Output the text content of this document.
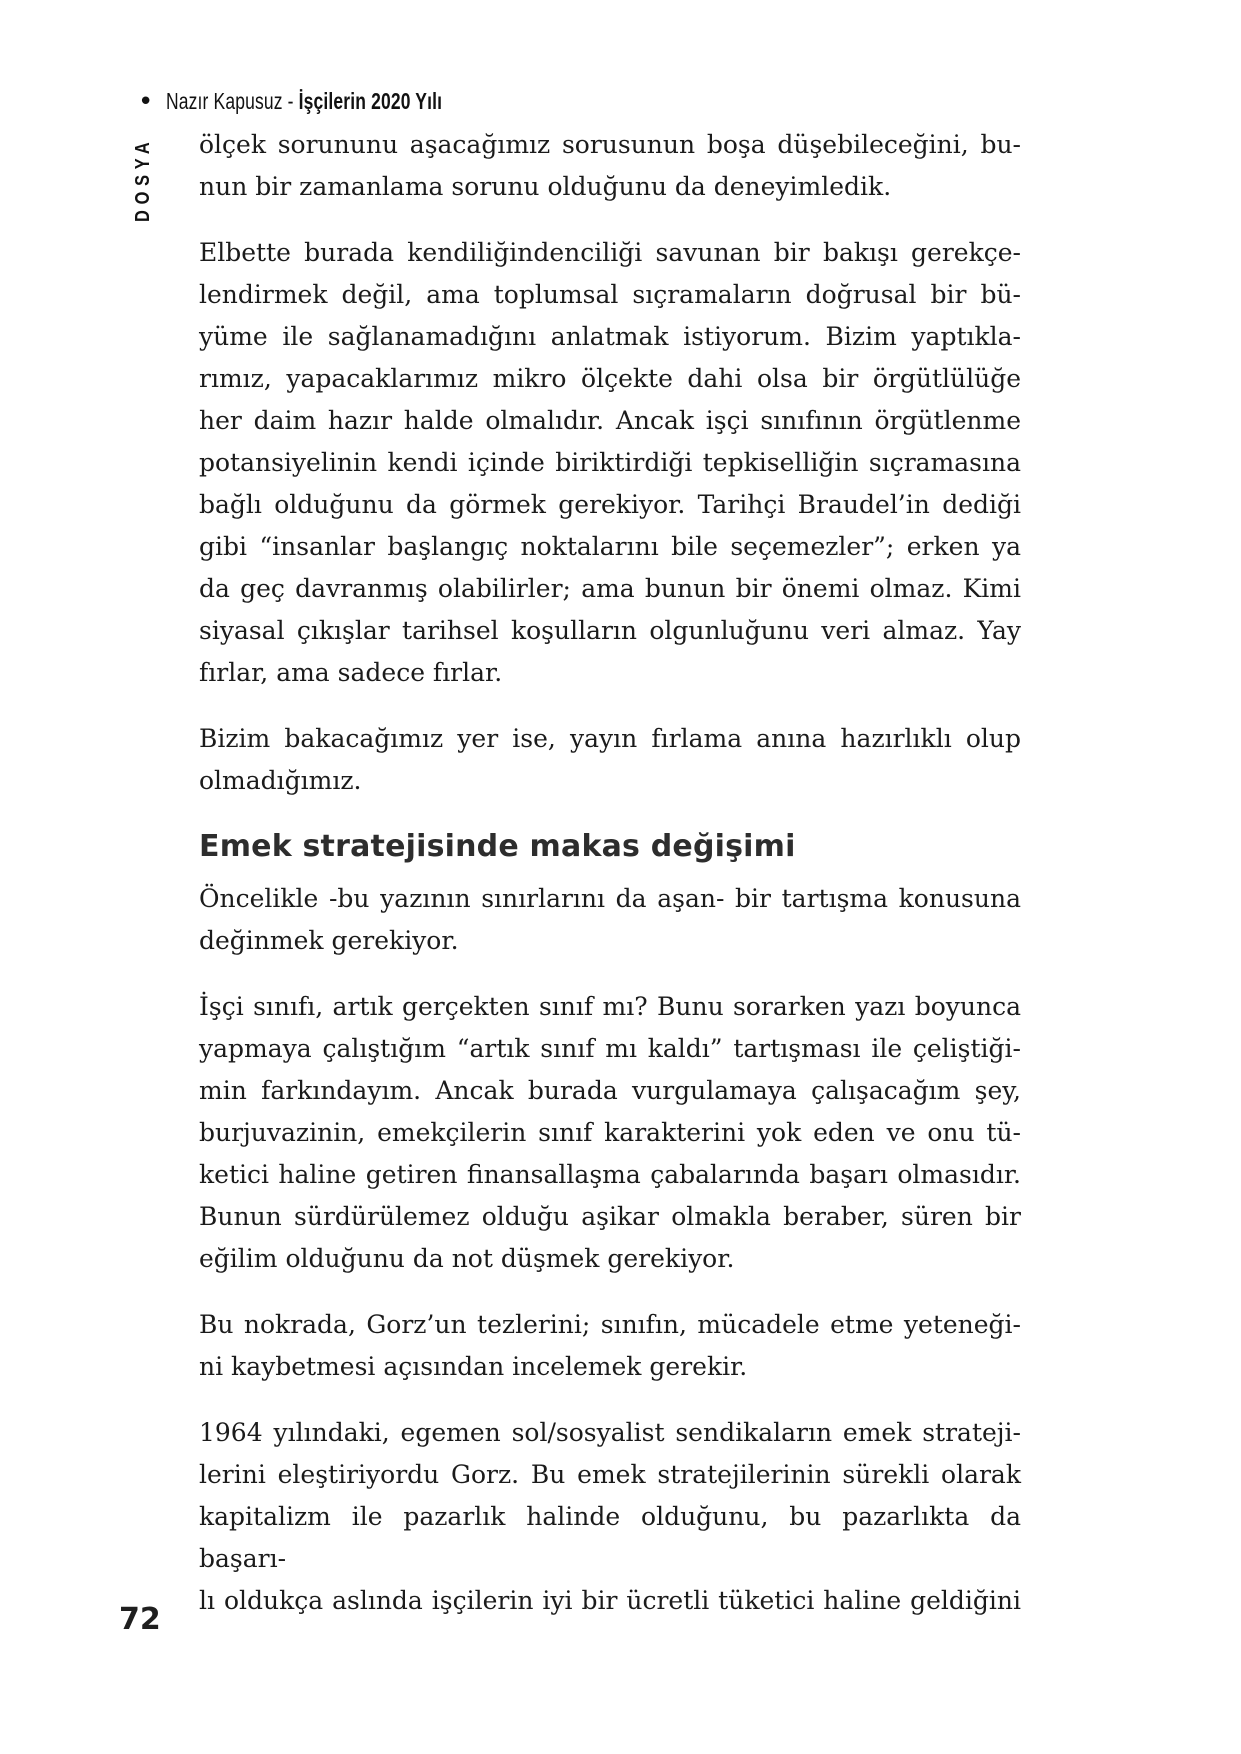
• Nazır Kapusuz - İşçilerin 2020 Yılı
DOSYA ölçek sorununu aşacağımız sorusunun boşa düşebileceğini, bu-
nun bir zamanlama sorunu olduğunu da deneyimledik.
Elbette burada kendiliğindenciliği savunan bir bakışı gerekçe-
lendirmek değil, ama toplumsal sıçramaların doğrusal bir bü-
yüme ile sağlanamadığını anlatmak istiyorum. Bizim yaptıkla-
rımız, yapacaklarımız mikro ölçekte dahi olsa bir örgütlülüğe
her daim hazır halde olmalıdır. Ancak işçi sınıfının örgütlenme
potansiyelinin kendi içinde biriktirdiği tepkiselliğin sıçramasına
bağlı olduğunu da görmek gerekiyor. Tarihçi Braudel’in dediği
gibi “insanlar başlangıç noktalarını bile seçemezler”; erken ya
da geç davranmış olabilirler; ama bunun bir önemi olmaz. Kimi
siyasal çıkışlar tarihsel koşulların olgunluğunu veri almaz. Yay
fırlar, ama sadece fırlar.
Bizim bakacağımız yer ise, yayın fırlama anına hazırlıklı olup
olmadığımız.
Emek stratejisinde makas değişimi
Öncelikle -bu yazının sınırlarını da aşan- bir tartışma konusuna
değinmek gerekiyor.
İşçi sınıfı, artık gerçekten sınıf mı? Bunu sorarken yazı boyunca
yapmaya çalıştığım “artık sınıf mı kaldı” tartışması ile çeliştiği-
min farkındayım. Ancak burada vurgulamaya çalışacağım şey,
burjuvazinin, emekçilerin sınıf karakterini yok eden ve onu tü-
ketici haline getiren finansallaşma çabalarında başarı olmasıdır.
Bunun sürdürülemez olduğu aşikar olmakla beraber, süren bir
eğilim olduğunu da not düşmek gerekiyor.
Bu nokrada, Gorz’un tezlerini; sınıfın, mücadele etme yeteneği-
ni kaybetmesi açısından incelemek gerekir.
1964 yılındaki, egemen sol/sosyalist sendikaların emek strateji-
lerini eleştiriyordu Gorz. Bu emek stratejilerinin sürekli olarak
kapitalizm ile pazarlık halinde olduğunu, bu pazarlıkta da başarı-
lı oldukça aslında işçilerin iyi bir ücretli tüketici haline geldiğini
72
